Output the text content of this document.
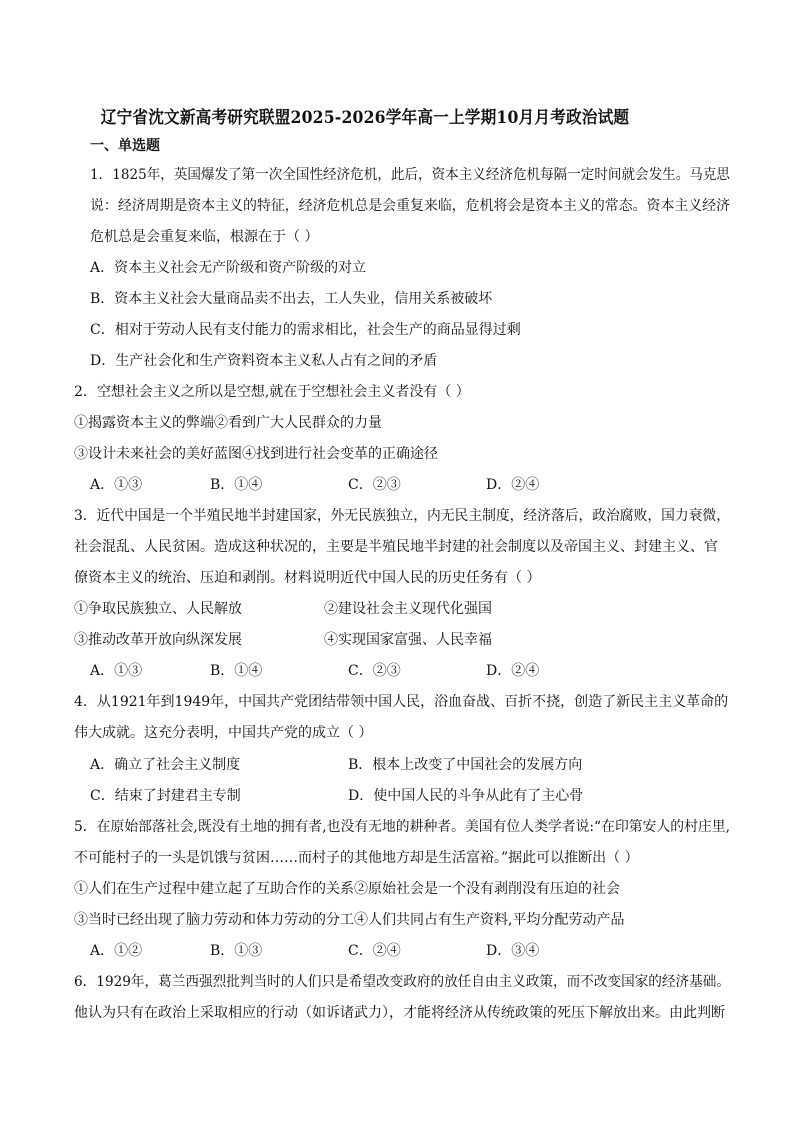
辽宁省沈文新高考研究联盟2025-2026学年高一上学期10月月考政治试题
一、单选题
1．1825年，英国爆发了第一次全国性经济危机，此后，资本主义经济危机每隔一定时间就会发生。马克思
说：经济周期是资本主义的特征，经济危机总是会重复来临，危机将会是资本主义的常态。资本主义经济
危机总是会重复来临，根源在于（ ）
A．资本主义社会无产阶级和资产阶级的对立
B．资本主义社会大量商品卖不出去，工人失业，信用关系被破坏
C．相对于劳动人民有支付能力的需求相比，社会生产的商品显得过剩
D．生产社会化和生产资料资本主义私人占有之间的矛盾
2．空想社会主义之所以是空想,就在于空想社会主义者没有（ ）
①揭露资本主义的弊端②看到广大人民群众的力量
③设计未来社会的美好蓝图④找到进行社会变革的正确途径
A．①③	B．①④	C．②③	D．②④
3．近代中国是一个半殖民地半封建国家，外无民族独立，内无民主制度，经济落后，政治腐败，国力衰微，
社会混乱、人民贫困。造成这种状况的，主要是半殖民地半封建的社会制度以及帝国主义、封建主义、官
僚资本主义的统治、压迫和剥削。材料说明近代中国人民的历史任务有（ ）
①争取民族独立、人民解放	②建设社会主义现代化强国
③推动改革开放向纵深发展	④实现国家富强、人民幸福
A．①③	B．①④	C．②③	D．②④
4．从1921年到1949年，中国共产党团结带领中国人民，浴血奋战、百折不挠，创造了新民主主义革命的
伟大成就。这充分表明，中国共产党的成立（ ）
A．确立了社会主义制度	B．根本上改变了中国社会的发展方向
C．结束了封建君主专制	D．使中国人民的斗争从此有了主心骨
5．在原始部落社会,既没有土地的拥有者,也没有无地的耕种者。美国有位人类学者说:“在印第安人的村庄里,
不可能村子的一头是饥饿与贫困……而村子的其他地方却是生活富裕。”据此可以推断出（ ）
①人们在生产过程中建立起了互助合作的关系②原始社会是一个没有剥削没有压迫的社会
③当时已经出现了脑力劳动和体力劳动的分工④人们共同占有生产资料,平均分配劳动产品
A．①②	B．①③	C．②④	D．③④
6．1929年，葛兰西强烈批判当时的人们只是希望改变政府的放任自由主义政策，而不改变国家的经济基础。
他认为只有在政治上采取相应的行动（如诉诸武力），才能将经济从传统政策的死压下解放出来。由此判断
